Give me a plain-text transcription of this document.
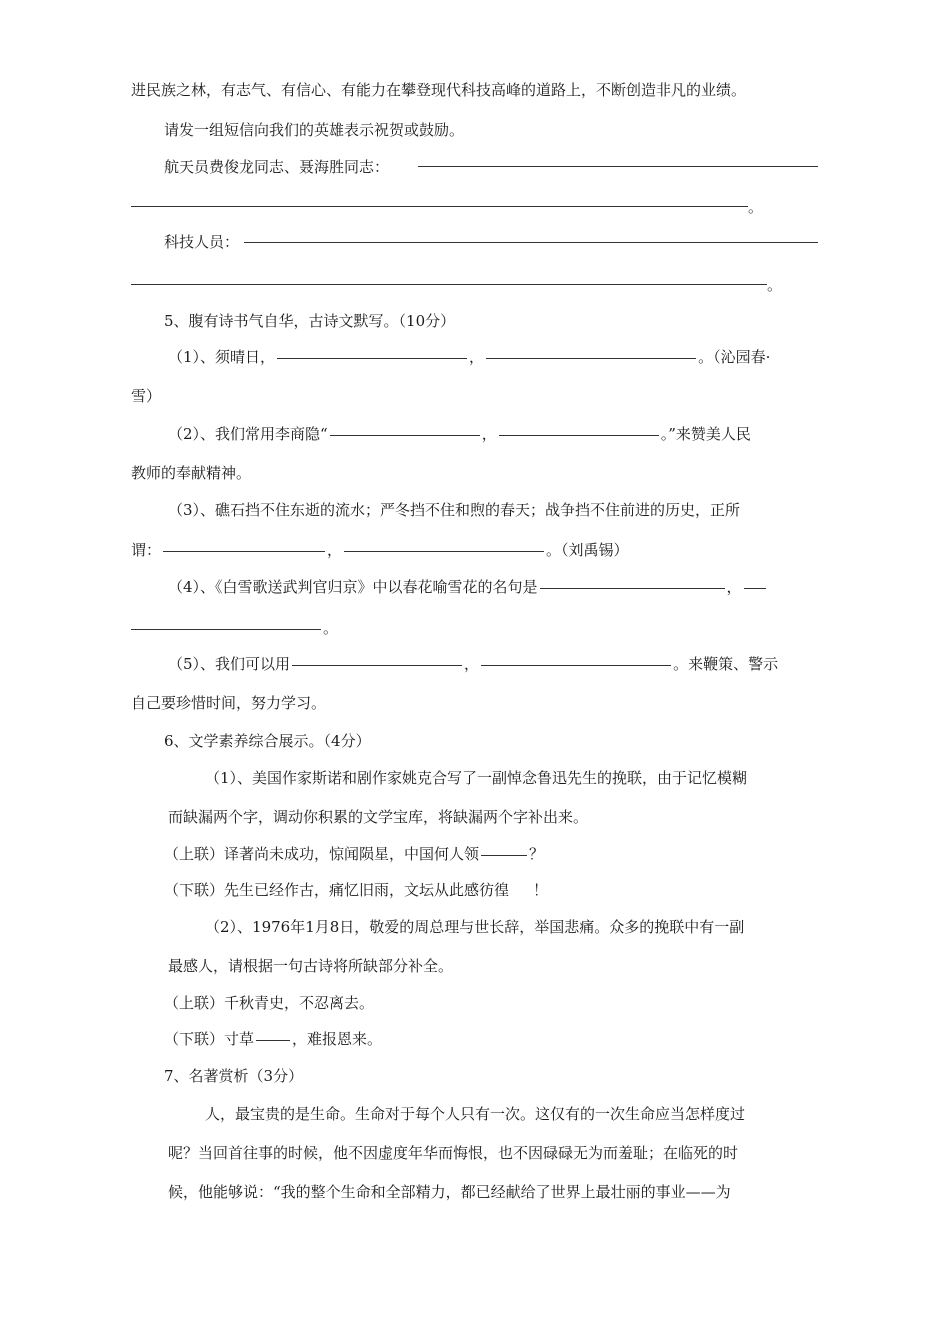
进民族之林，有志气、有信心、有能力在攀登现代科技高峰的道路上，不断创造非凡的业绩。
请发一组短信向我们的英雄表示祝贺或鼓励。
航天员费俊龙同志、聂海胜同志：
。
科技人员：
。
5、腹有诗书气自华，古诗文默写。（10分）
（1）、须晴日，	，	。（沁园春·
雪）
（2）、我们常用李商隐“	，	。”来赞美人民
教师的奉献精神。
（3）、礁石挡不住东逝的流水；严冬挡不住和煦的春天；战争挡不住前进的历史，正所
谓：	，	。（刘禹锡）
（4）、《白雪歌送武判官归京》中以春花喻雪花的名句是	，
。
（5）、我们可以用	，	。来鞭策、警示
自己要珍惜时间，努力学习。
6、文学素养综合展示。（4分）
（1）、美国作家斯诺和剧作家姚克合写了一副悼念鲁迅先生的挽联，由于记忆模糊
而缺漏两个字，调动你积累的文学宝库，将缺漏两个字补出来。
（上联）译著尚未成功，惊闻陨星，中国何人领	？
（下联）先生已经作古，痛忆旧雨，文坛从此感彷徨 ！
（2）、1976年1月8日，敬爱的周总理与世长辞，举国悲痛。众多的挽联中有一副
最感人，请根据一句古诗将所缺部分补全。
（上联）千秋青史，不忍离去。
（下联）寸草	，难报恩来。
7、名著赏析（3分）
人，最宝贵的是生命。生命对于每个人只有一次。这仅有的一次生命应当怎样度过
呢？当回首往事的时候，他不因虚度年华而悔恨，也不因碌碌无为而羞耻；在临死的时
候，他能够说：“我的整个生命和全部精力，都已经献给了世界上最壮丽的事业——为
